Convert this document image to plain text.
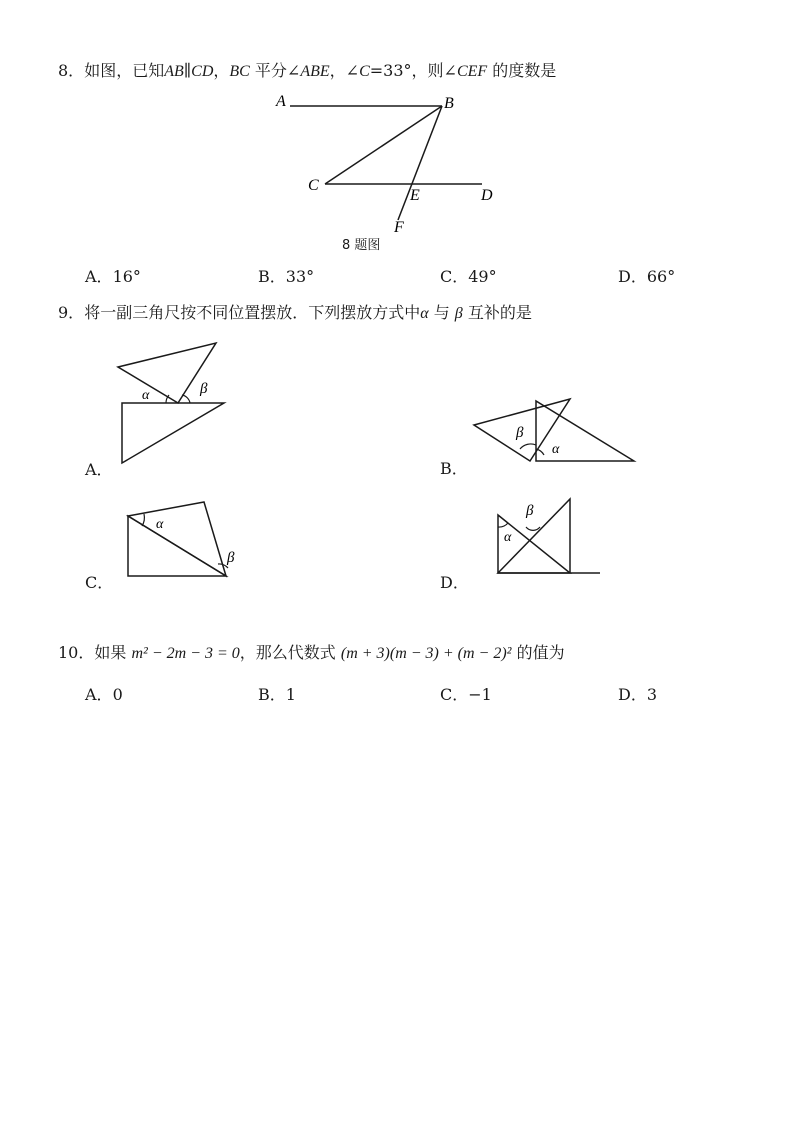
8．如图，已知AB∥CD，BC 平分∠ABE，∠C=33°，则∠CEF 的度数是
A	B
C
E	D
F
8 题图
A．16°	B．33°	C．49°	D．66°
9．将一副三角尺按不同位置摆放．下列摆放方式中α 与 β 互补的是
α	β
A．
β
α
B．
α
β
C．
α
β
D．
10．如果 m² − 2m − 3 = 0，那么代数式 (m + 3)(m − 3) + (m − 2)² 的值为
A．0	B．1	C．−1	D．3
